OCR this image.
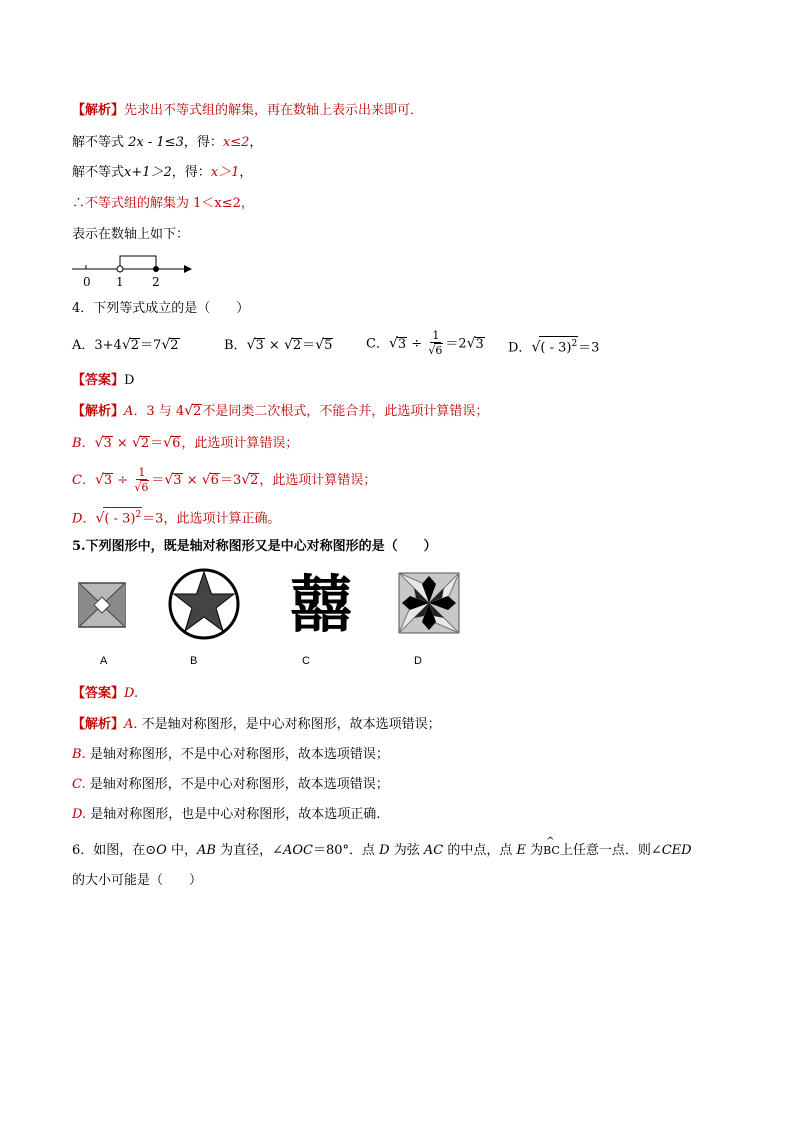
【解析】先求出不等式组的解集，再在数轴上表示出来即可．
解不等式 2x - 1≤3，得：x≤2，
解不等式x+1＞2，得：x＞1，
∴不等式组的解集为 1＜x≤2，
表示在数轴上如下：
0 1 2
4．下列等式成立的是（　　）
A．3+4√2＝7√2	B．√3 × √2＝√5	C．$√3 \div \frac{1}{√6} =2√3$ D．√( - 3)$^2$＝3
【答案】D
【解析】A．3 与 4√2不是同类二次根式，不能合并，此选项计算错误；
B．√3 × √2＝√6，此选项计算错误；
C．$√3 \div \frac{1}{√6} =√3 \times √6=3√2$，此选项计算错误；
D．√( - 3)$^2$＝3，此选项计算正确。
5.下列图形中，既是轴对称图形又是中心对称图形的是（　　）
囍
A	B	C	D
【答案】D.
【解析】A. 不是轴对称图形，是中心对称图形，故本选项错误；
B. 是轴对称图形，不是中心对称图形，故本选项错误；
C. 是轴对称图形，不是中心对称图形，故本选项错误；
D. 是轴对称图形，也是中心对称图形，故本选项正确.
6．如图，在⊙O 中，AB 为直径，∠AOC＝80°．点 D 为弦 AC 的中点，点 E 为^ BC上任意一点．则∠CED
的大小可能是（　　）
